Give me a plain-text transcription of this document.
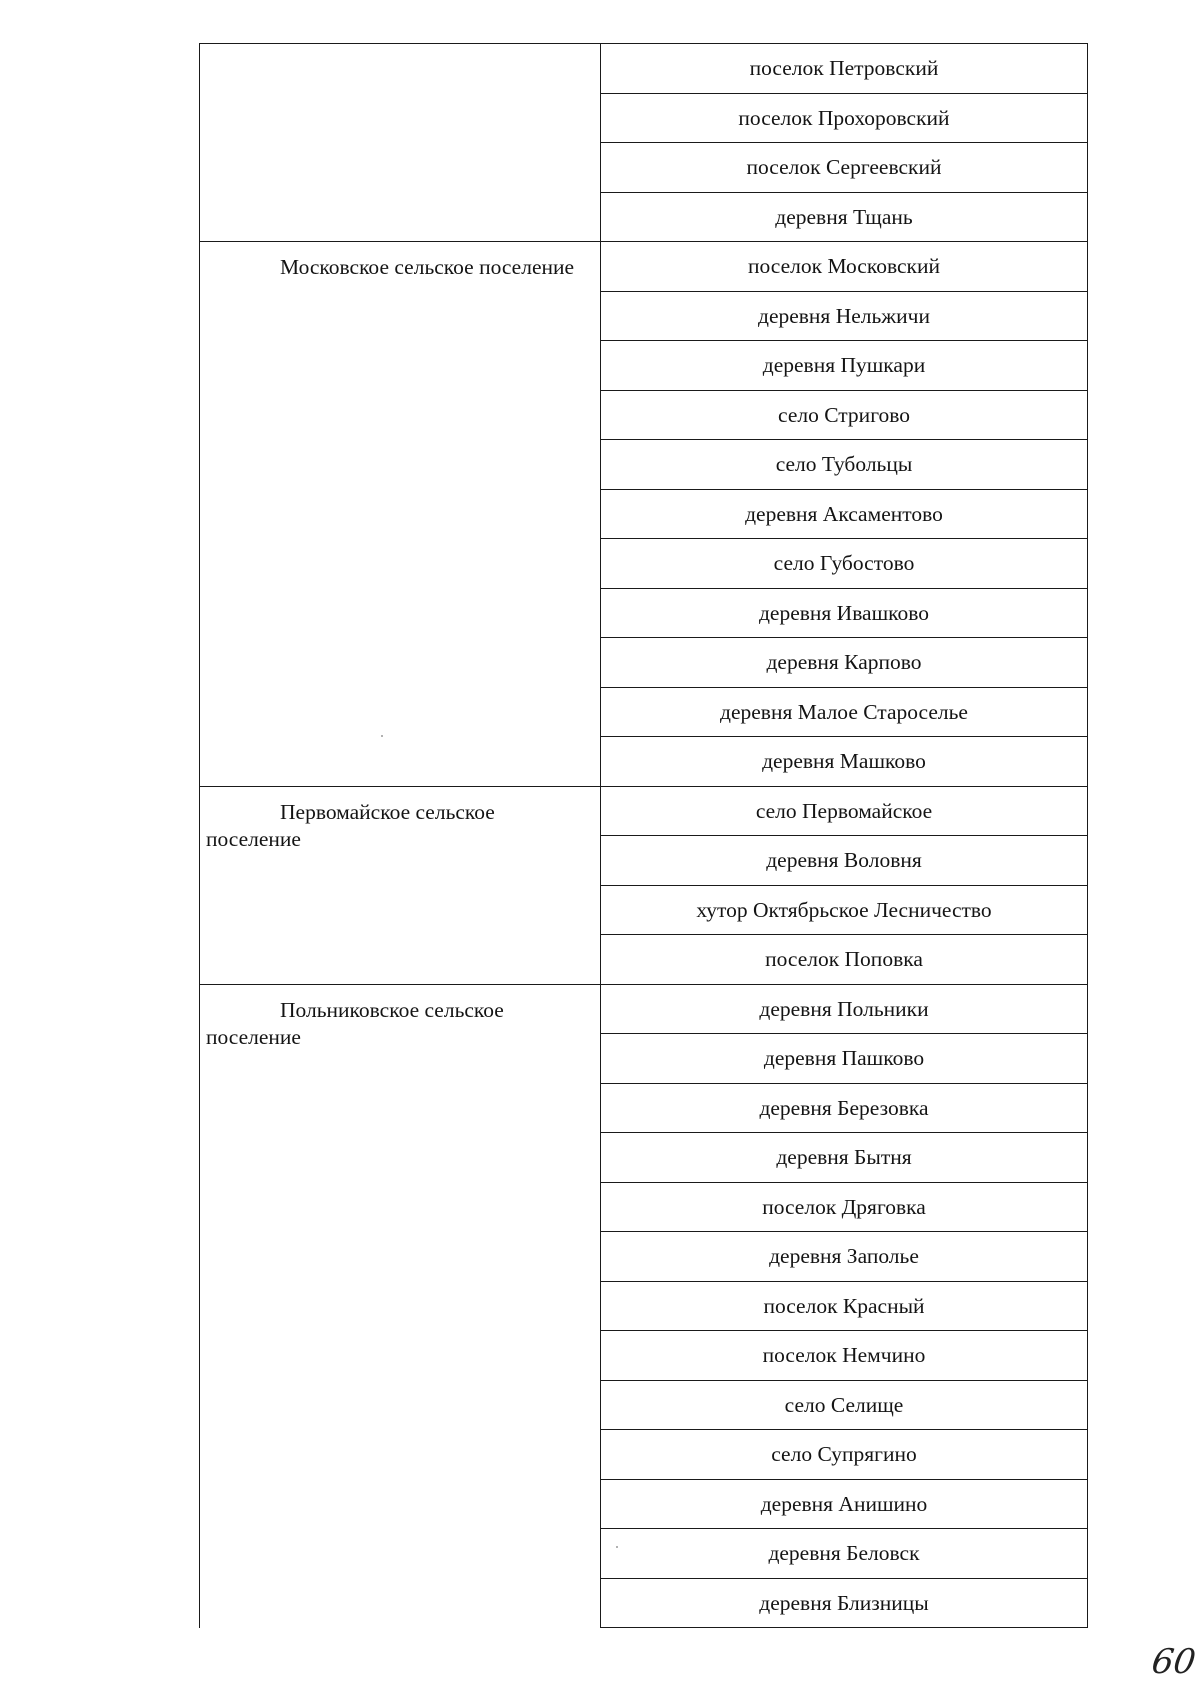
	поселок Петровский
	поселок Прохоровский
	поселок Сергеевский
	деревня Тщань
Московское сельское поселение	поселок Московский
	деревня Нельжичи
	деревня Пушкари
	село Стригово
	село Тубольцы
	деревня Аксаментово
	село Губостово
	деревня Ивашково
	деревня Карпово
	деревня Малое Староселье
	деревня Машково
Первомайское сельское поселение	село Первомайское
	деревня Воловня
	хутор Октябрьское Лесничество
	поселок Поповка
Польниковское сельское поселение	деревня Польники
	деревня Пашково
	деревня Березовка
	деревня Бытня
	поселок Дряговка
	деревня Заполье
	поселок Красный
	поселок Немчино
	село Селище
	село Супрягино
	деревня Анишино
	деревня Беловск
	деревня Близницы
60
